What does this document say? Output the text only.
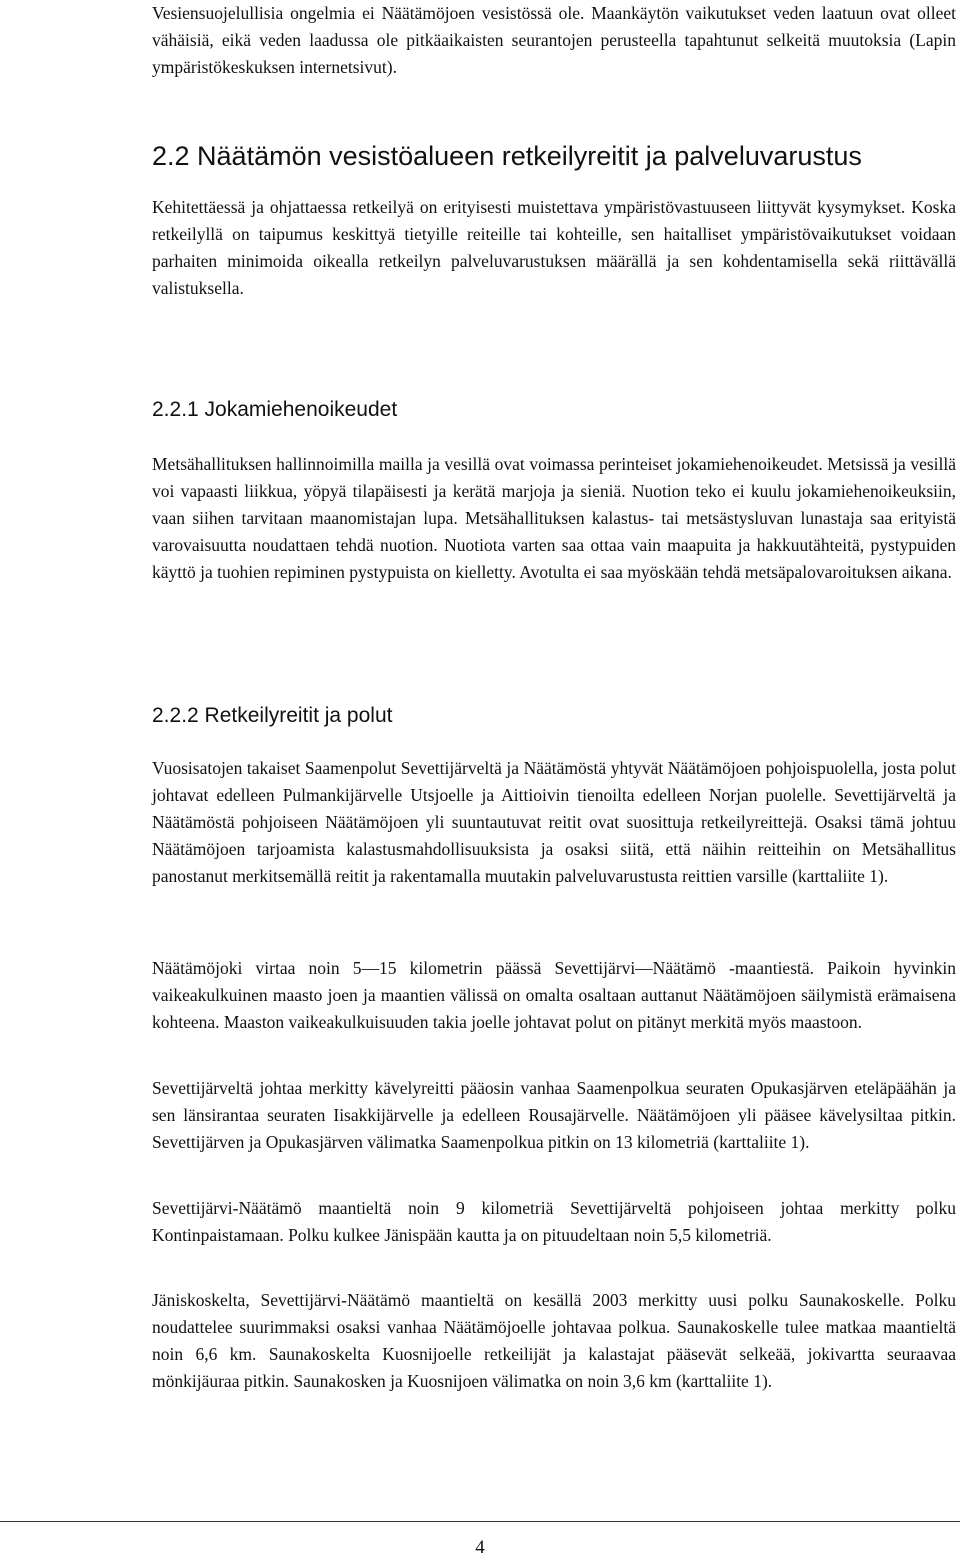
Vesiensuojelullisia ongelmia ei Näätämöjoen vesistössä ole. Maankäytön vaikutukset veden laatuun ovat olleet vähäisiä, eikä veden laadussa ole pitkäaikaisten seurantojen perusteella tapahtunut selkeitä muutoksia (Lapin ympäristökeskuksen internetsivut).

2.2 Näätämön vesistöalueen retkeilyreitit ja palveluvarustus

Kehitettäessä ja ohjattaessa retkeilyä on erityisesti muistettava ympäristövastuuseen liittyvät kysymykset. Koska retkeilyllä on taipumus keskittyä tietyille reiteille tai kohteille, sen haitalliset ympäristövaikutukset voidaan parhaiten minimoida oikealla retkeilyn palveluvarustuksen määrällä ja sen kohdentamisella sekä riittävällä valistuksella.

2.2.1 Jokamiehenoikeudet

Metsähallituksen hallinnoimilla mailla ja vesillä ovat voimassa perinteiset jokamiehenoikeudet. Metsissä ja vesillä voi vapaasti liikkua, yöpyä tilapäisesti ja kerätä marjoja ja sieniä. Nuotion teko ei kuulu jokamiehenoikeuksiin, vaan siihen tarvitaan maanomistajan lupa. Metsähallituksen kalastus- tai metsästysluvan lunastaja saa erityistä varovaisuutta noudattaen tehdä nuotion. Nuotiota varten saa ottaa vain maapuita ja hakkuutähteitä, pystypuiden käyttö ja tuohien repiminen pystypuista on kielletty. Avotulta ei saa myöskään tehdä metsäpalovaroituksen aikana.

2.2.2 Retkeilyreitit ja polut

Vuosisatojen takaiset Saamenpolut Sevettijärveltä ja Näätämöstä yhtyvät Näätämöjoen pohjoispuolella, josta polut johtavat edelleen Pulmankijärvelle Utsjoelle ja Aittioivin tienoilta edelleen Norjan puolelle. Sevettijärveltä ja Näätämöstä pohjoiseen Näätämöjoen yli suuntautuvat reitit ovat suosittuja retkeilyreittejä. Osaksi tämä johtuu Näätämöjoen tarjoamista kalastusmahdollisuuksista ja osaksi siitä, että näihin reitteihin on Metsähallitus panostanut merkitsemällä reitit ja rakentamalla muutakin palveluvarustusta reittien varsille (karttaliite 1).

Näätämöjoki virtaa noin 5—15 kilometrin päässä Sevettijärvi—Näätämö -maantiestä. Paikoin hyvinkin vaikeakulkuinen maasto joen ja maantien välissä on omalta osaltaan auttanut Näätämöjoen säilymistä erämaisena kohteena. Maaston vaikeakulkuisuuden takia joelle johtavat polut on pitänyt merkitä myös maastoon.

Sevettijärveltä johtaa merkitty kävelyreitti pääosin vanhaa Saamenpolkua seuraten Opukasjärven eteläpäähän ja sen länsirantaa seuraten Iisakkijärvelle ja edelleen Rousajärvelle. Näätämöjoen yli pääsee kävelysiltaa pitkin. Sevettijärven ja Opukasjärven välimatka Saamenpolkua pitkin on 13 kilometriä (karttaliite 1).

Sevettijärvi-Näätämö maantieltä noin 9 kilometriä Sevettijärveltä pohjoiseen johtaa merkitty polku Kontinpaistamaan. Polku kulkee Jänispään kautta ja on pituudeltaan noin 5,5 kilometriä.

Jäniskoskelta, Sevettijärvi-Näätämö maantieltä on kesällä 2003 merkitty uusi polku Saunakoskelle. Polku noudattelee suurimmaksi osaksi vanhaa Näätämöjoelle johtavaa polkua. Saunakoskelle tulee matkaa maantieltä noin 6,6 km. Saunakoskelta Kuosnijoelle retkeilijät ja kalastajat pääsevät selkeää, jokivartta seuraavaa mönkijäuraa pitkin. Saunakosken ja Kuosnijoen välimatka on noin 3,6 km (karttaliite 1).

4
